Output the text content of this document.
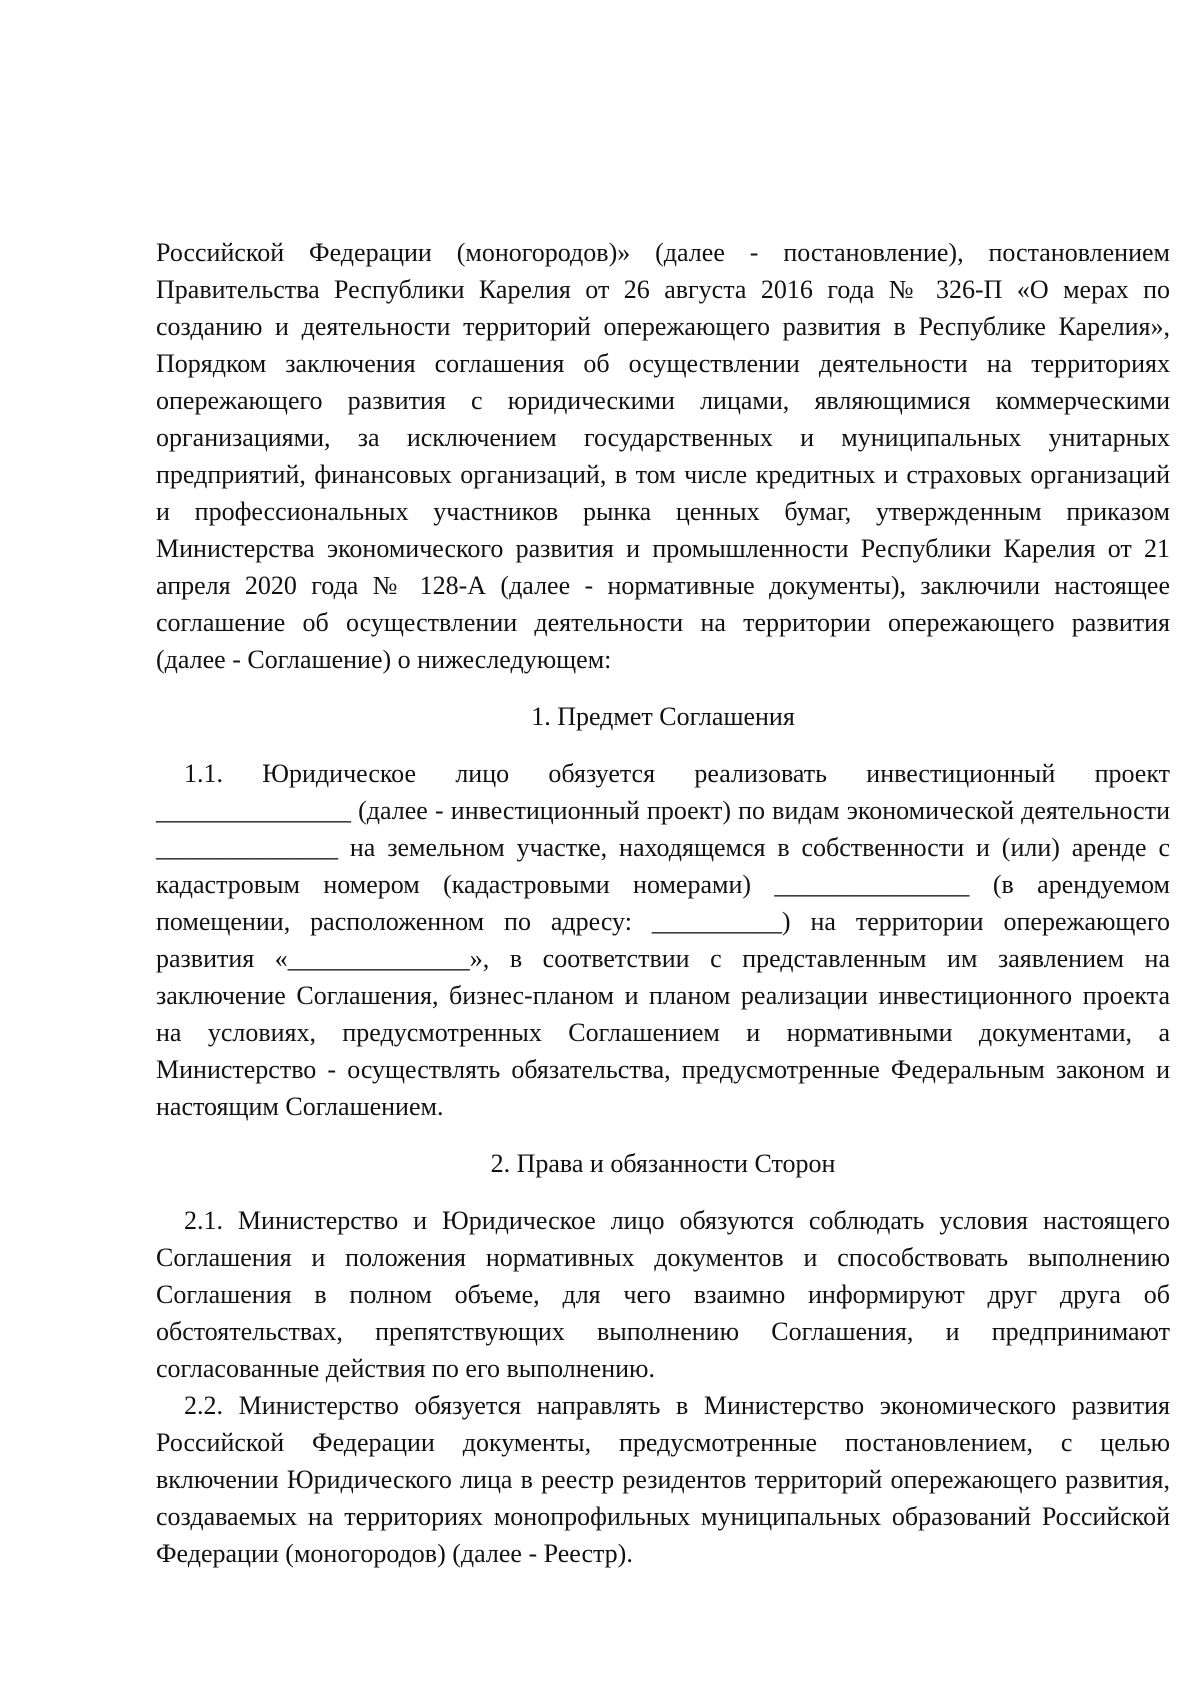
Российской Федерации (моногородов)» (далее - постановление), постановлением Правительства Республики Карелия от 26 августа 2016 года № 326-П «О мерах по созданию и деятельности территорий опережающего развития в Республике Карелия», Порядком заключения соглашения об осуществлении деятельности на территориях опережающего развития с юридическими лицами, являющимися коммерческими организациями, за исключением государственных и муниципальных унитарных предприятий, финансовых организаций, в том числе кредитных и страховых организаций и профессиональных участников рынка ценных бумаг, утвержденным приказом Министерства экономического развития и промышленности Республики Карелия от 21 апреля 2020 года № 128-А (далее - нормативные документы), заключили настоящее соглашение об осуществлении деятельности на территории опережающего развития (далее - Соглашение) о нижеследующем:

1. Предмет Соглашения

1.1. Юридическое лицо обязуется реализовать инвестиционный проект _______________ (далее - инвестиционный проект) по видам экономической деятельности ______________ на земельном участке, находящемся в собственности и (или) аренде с кадастровым номером (кадастровыми номерами) _______________ (в арендуемом помещении, расположенном по адресу: __________) на территории опережающего развития «______________», в соответствии с представленным им заявлением на заключение Соглашения, бизнес-планом и планом реализации инвестиционного проекта на условиях, предусмотренных Соглашением и нормативными документами, а Министерство - осуществлять обязательства, предусмотренные Федеральным законом и настоящим Соглашением.

2. Права и обязанности Сторон

2.1. Министерство и Юридическое лицо обязуются соблюдать условия настоящего Соглашения и положения нормативных документов и способствовать выполнению Соглашения в полном объеме, для чего взаимно информируют друг друга об обстоятельствах, препятствующих выполнению Соглашения, и предпринимают согласованные действия по его выполнению.

2.2. Министерство обязуется направлять в Министерство экономического развития Российской Федерации документы, предусмотренные постановлением, с целью включении Юридического лица в реестр резидентов территорий опережающего развития, создаваемых на территориях монопрофильных муниципальных образований Российской Федерации (моногородов) (далее - Реестр).
